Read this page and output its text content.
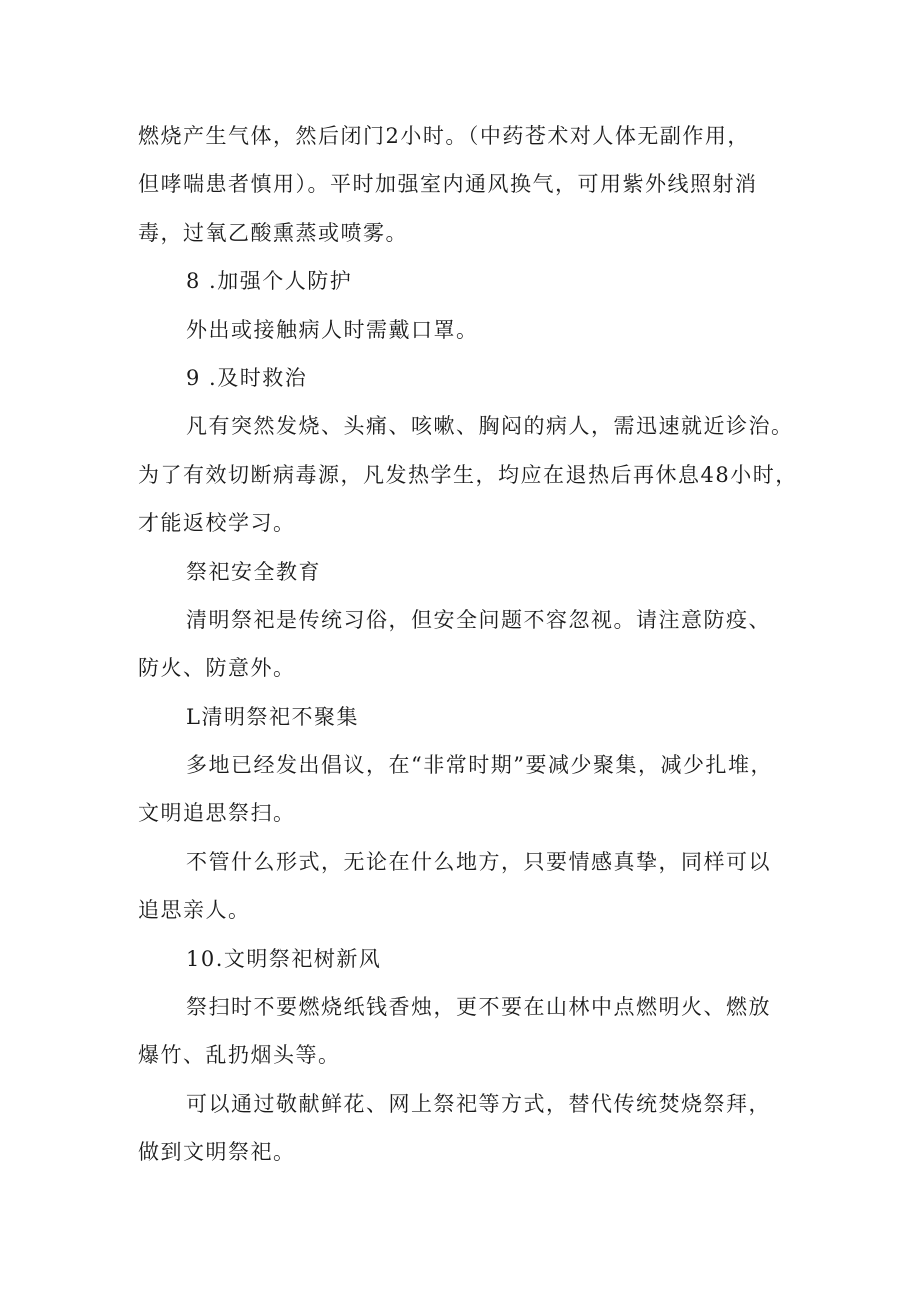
燃烧产生气体，然后闭门2小时。（中药苍术对人体无副作用，
但哮喘患者慎用）。平时加强室内通风换气，可用紫外线照射消
毒，过氧乙酸熏蒸或喷雾。
8 .加强个人防护
外出或接触病人时需戴口罩。
9 .及时救治
凡有突然发烧、头痛、咳嗽、胸闷的病人，需迅速就近诊治。
为了有效切断病毒源，凡发热学生，均应在退热后再休息48小时，
才能返校学习。
祭祀安全教育
清明祭祀是传统习俗，但安全问题不容忽视。请注意防疫、
防火、防意外。
L清明祭祀不聚集
多地已经发出倡议，在“非常时期”要减少聚集，减少扎堆，
文明追思祭扫。
不管什么形式，无论在什么地方，只要情感真挚，同样可以
追思亲人。
10.文明祭祀树新风
祭扫时不要燃烧纸钱香烛，更不要在山林中点燃明火、燃放
爆竹、乱扔烟头等。
可以通过敬献鲜花、网上祭祀等方式，替代传统焚烧祭拜，
做到文明祭祀。
